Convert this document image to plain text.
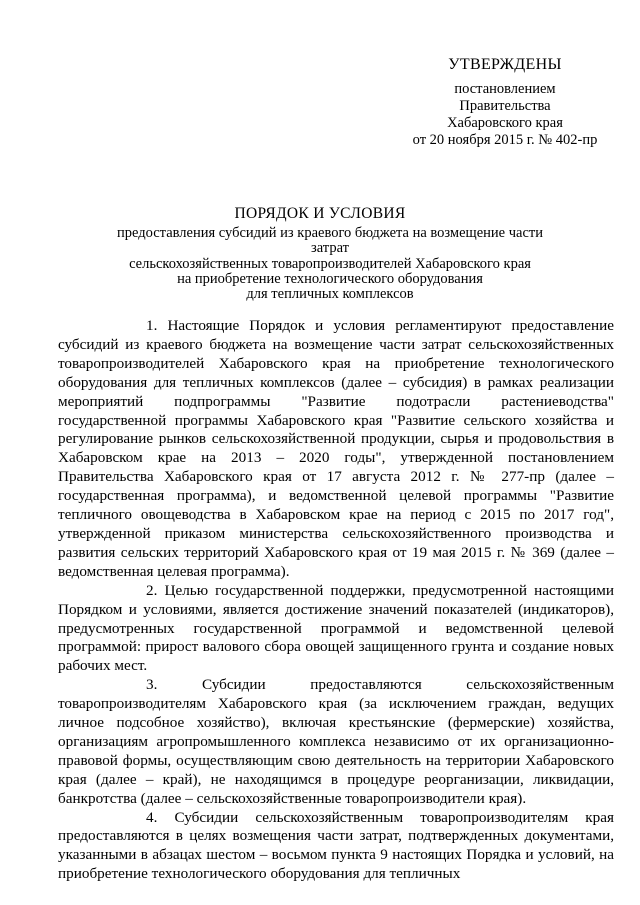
УТВЕРЖДЕНЫ
постановлением
Правительства
Хабаровского края
от 20 ноября 2015 г. № 402-пр
ПОРЯДОК И УСЛОВИЯ
предоставления субсидий из краевого бюджета на возмещение части затрат
сельскохозяйственных товаропроизводителей Хабаровского края
на приобретение технологического оборудования
для тепличных комплексов

1. Настоящие Порядок и условия регламентируют предоставление субсидий из краевого бюджета на возмещение части затрат сельскохозяйственных товаропроизводителей Хабаровского края на приобретение технологического оборудования для тепличных комплексов (далее – субсидия) в рамках реализации мероприятий подпрограммы "Развитие подотрасли растениеводства" государственной программы Хабаровского края "Развитие сельского хозяйства и регулирование рынков сельскохозяйственной продукции, сырья и продовольствия в Хабаровском крае на 2013 – 2020 годы", утвержденной постановлением Правительства Хабаровского края от 17 августа 2012 г. № 277-пр (далее – государственная программа), и ведомственной целевой программы "Развитие тепличного овощеводства в Хабаровском крае на период с 2015 по 2017 год", утвержденной приказом министерства сельскохозяйственного производства и развития сельских территорий Хабаровского края от 19 мая 2015 г. № 369 (далее – ведомственная целевая программа).

2. Целью государственной поддержки, предусмотренной настоящими Порядком и условиями, является достижение значений показателей (индикаторов), предусмотренных государственной программой и ведомственной целевой программой: прирост валового сбора овощей защищенного грунта и создание новых рабочих мест.

3. Субсидии предоставляются сельскохозяйственным товаропроизводителям Хабаровского края (за исключением граждан, ведущих личное подсобное хозяйство), включая крестьянские (фермерские) хозяйства, организациям агропромышленного комплекса независимо от их организационно-правовой формы, осуществляющим свою деятельность на территории Хабаровского края (далее – край), не находящимся в процедуре реорганизации, ликвидации, банкротства (далее – сельскохозяйственные товаропроизводители края).

4. Субсидии сельскохозяйственным товаропроизводителям края предоставляются в целях возмещения части затрат, подтвержденных документами, указанными в абзацах шестом – восьмом пункта 9 настоящих Порядка и условий, на приобретение технологического оборудования для тепличных
